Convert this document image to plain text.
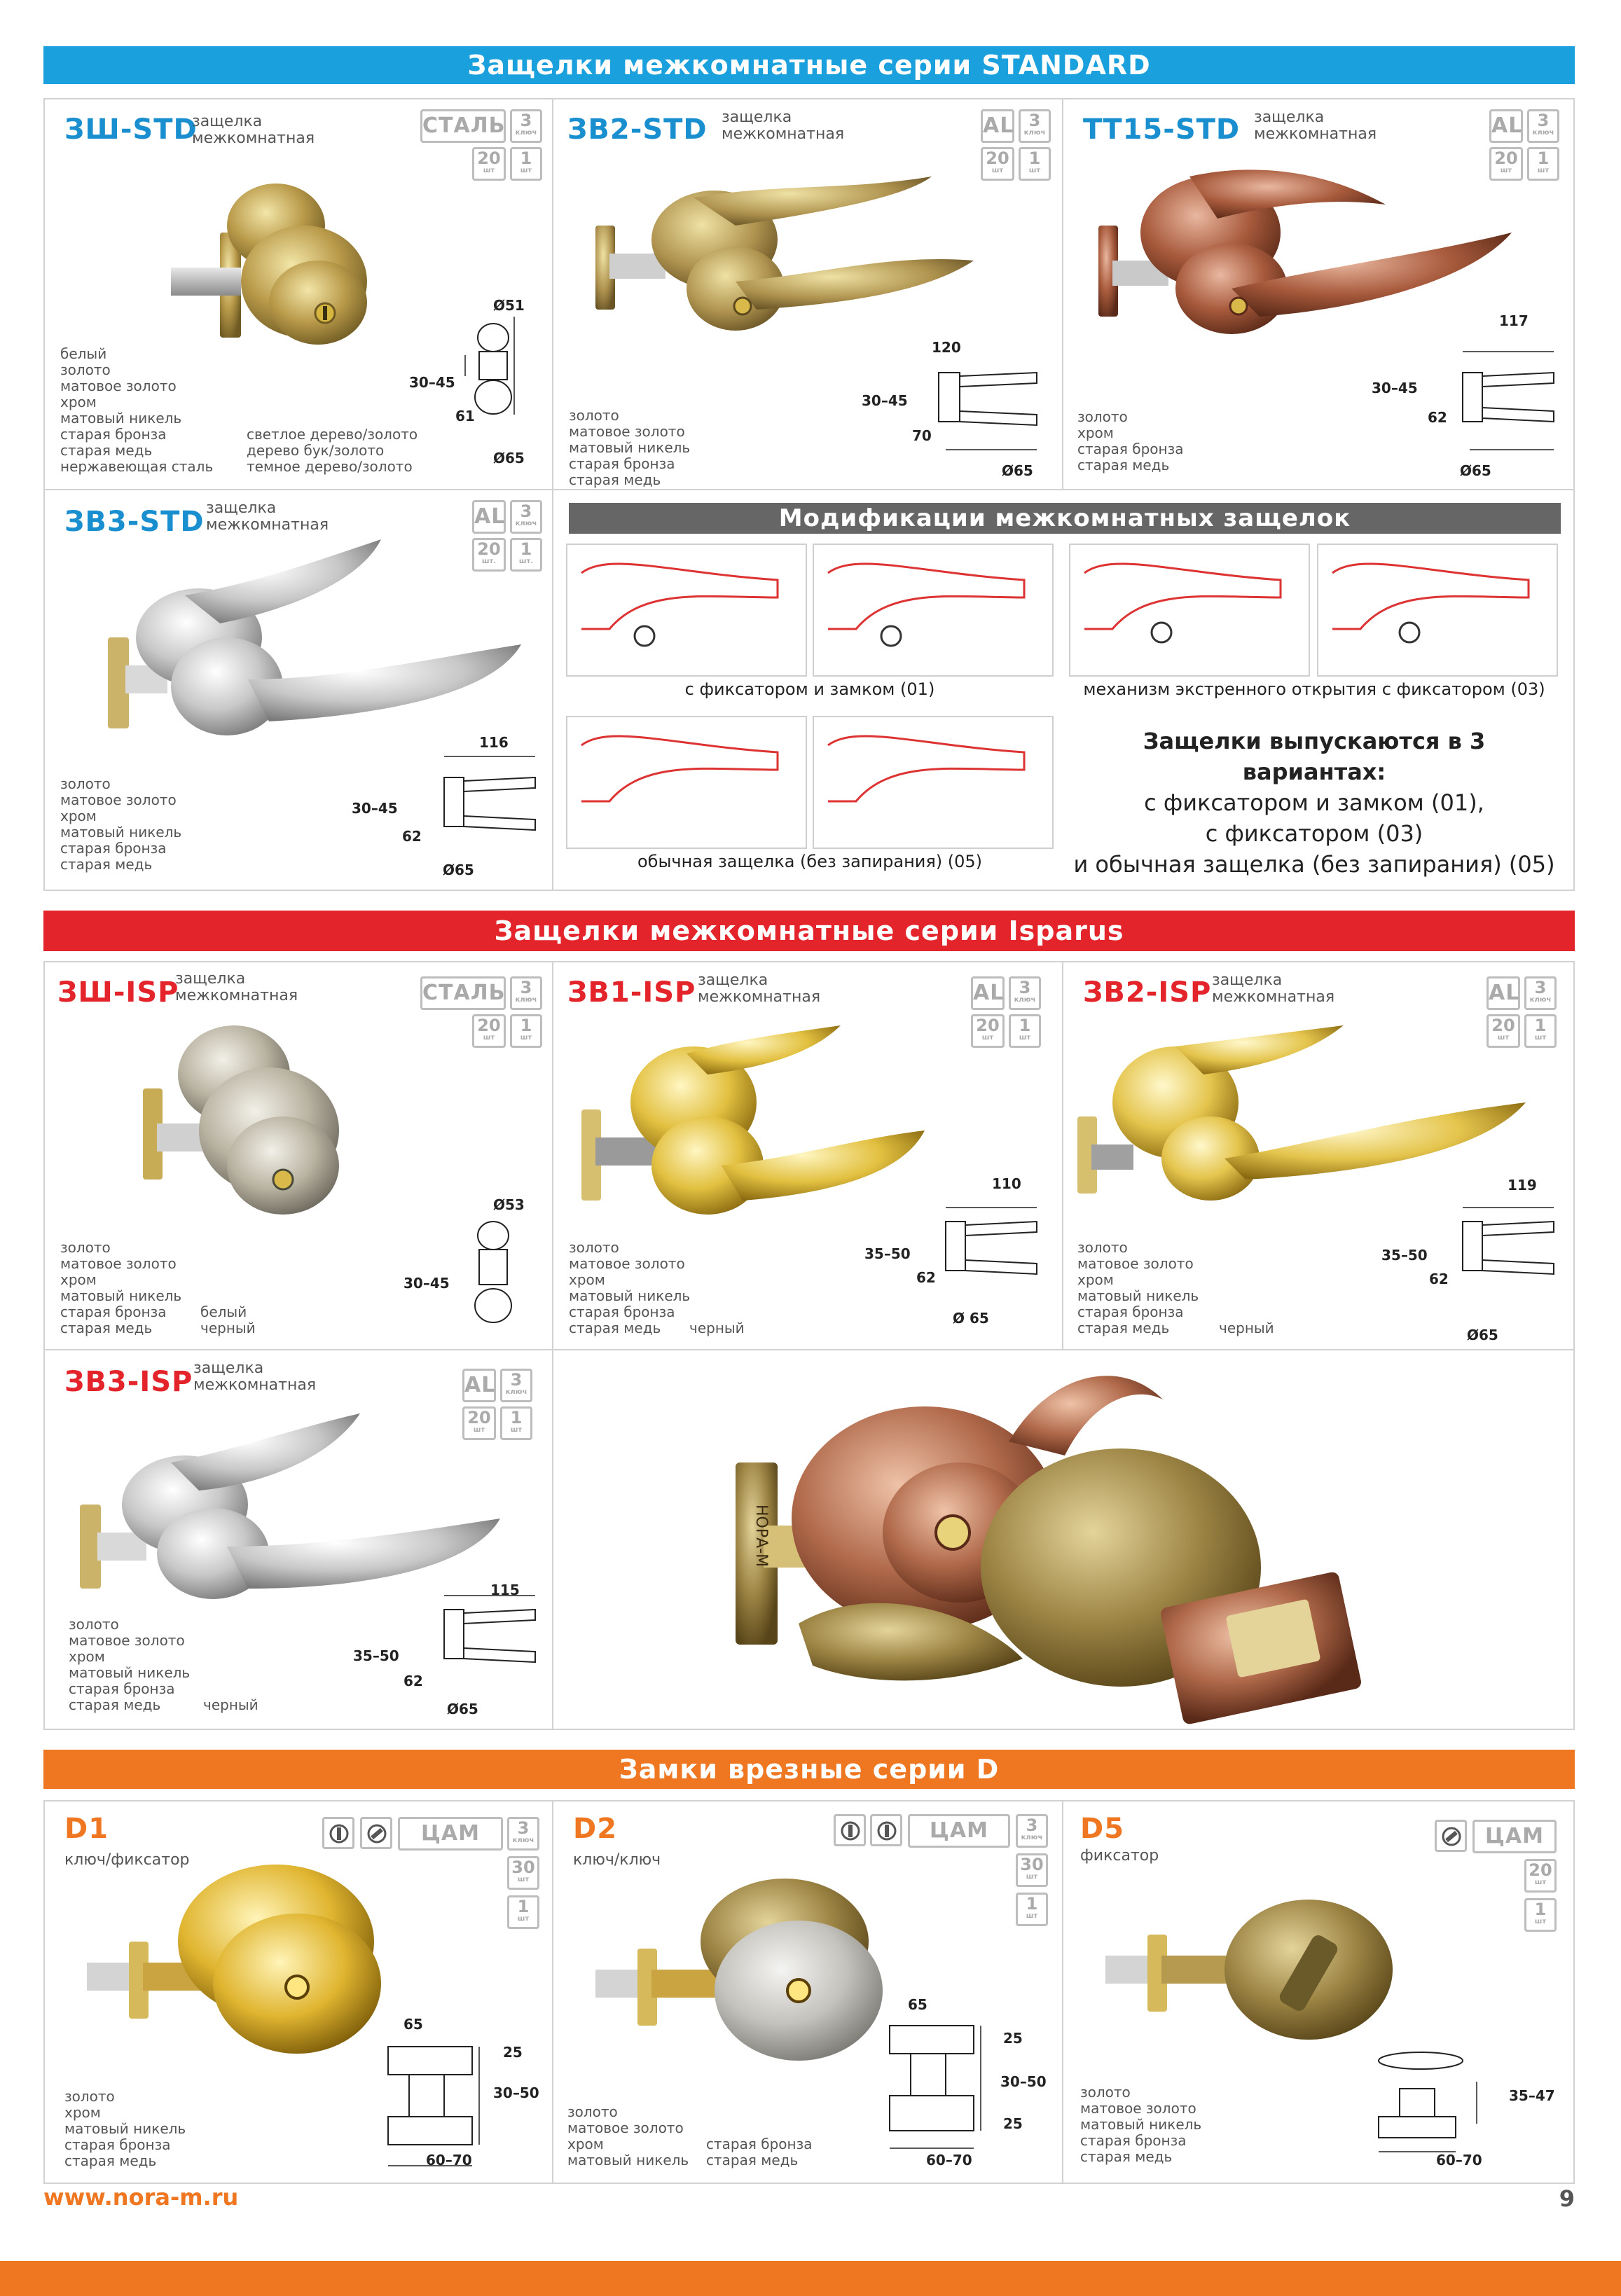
Защелки межкомнатные серии STANDARD
ЗШ-STD
защелка
межкомнатная
СТАЛЬ 3
ключ
20
шт
1
шт
белый
золото
матовое золото
хром
матовый никель
старая бронза
старая медь
нержавеющая сталь
светлое дерево/золото
дерево бук/золото
темное дерево/золото
Ø51
30–45
61
Ø65
ЗВ2-STD защелка
межкомнатная	AL 3
ключ
20
шт
1
шт
золото
матовое золото
матовый никель
старая бронза
старая медь
120
30–45
70
Ø65
ТТ15-STD защелка
межкомнатная	AL 3
ключ
20
шт
1
шт
золото
хром
старая бронза
старая медь
117
30–45
62
Ø65
ЗВ3-STD защелка
межкомнатная	AL 3
ключ
20
шт.
1
шт.
золото
матовое золото
хром
матовый никель
старая бронза
старая медь
116
30–45
62
Ø65
Модификации межкомнатных защелок
с фиксатором и замком (01)	механизм экстренного открытия с фиксатором (03)
обычная защелка (без запирания) (05)
Защелки выпускаются в 3 вариантах:
с фиксатором и замком (01),
с фиксатором (03)
и обычная защелка (без запирания) (05)
Защелки межкомнатные серии Isparus
ЗШ-ISP
защелка
межкомнатная	СТАЛЬ 3
ключ
20
шт
1
шт
золото
матовое золото
хром
матовый никель
старая бронза
старая медь
белый
черный
Ø53
30–45
ЗВ1-ISP защелка
межкомнатная	AL 3
ключ
20
шт
1
шт
золото
матовое золото
хром
матовый никель
старая бронза
старая медь	черный
110
35–50
62
Ø 65
ЗВ2-ISP защелка
межкомнатная	AL 3
ключ
20
шт
1
шт
золото
матовое золото
хром
матовый никель
старая бронза
старая медь	черный
119
35–50
62
Ø65
ЗВ3-ISP защелка
межкомнатная	AL 3
ключ
20
шт
1
шт
золото
матовое золото
хром
матовый никель
старая бронза
старая медь	черный
115
35–50
62
Ø65
НОРА-М
Замки врезные серии D
D1
ключ/фиксатор
ЦАМ	3
ключ
30
шт
1
шт
золото
хром
матовый никель
старая бронза
старая медь
65
25
30–50
60–70
D2
ключ/ключ
ЦАМ	3
ключ
30
шт
1
шт
золото
матовое золото
хром
матовый никель
старая бронза
старая медь
65
25
30–50
25
60–70
D5
фиксатор
ЦАМ
20
шт
1
шт
золото
матовое золото
матовый никель
старая бронза
старая медь
35–47
60–70
www.nora-m.ru	9
